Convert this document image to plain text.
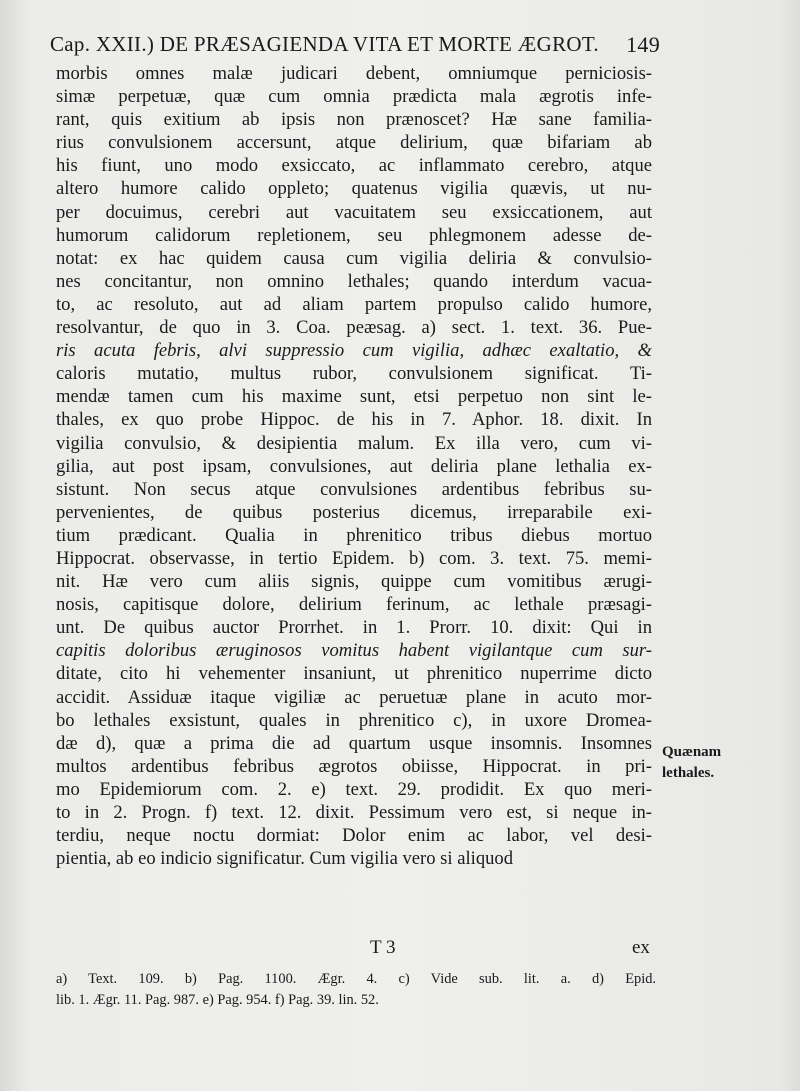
Cap. XXII.) DE PRÆSAGIENDA VITA ET MORTE ÆGROT. 149
morbis omnes malæ judicari debent, omniumque perniciosis-
simæ perpetuæ, quæ cum omnia prædicta mala ægrotis infe-
rant, quis exitium ab ipsis non prænoscet? Hæ sane familia-
rius convulsionem accersunt, atque delirium, quæ bifariam ab
his fiunt, uno modo exsiccato, ac inflammato cerebro, atque
altero humore calido oppleto; quatenus vigilia quævis, ut nu-
per docuimus, cerebri aut vacuitatem seu exsiccationem, aut
humorum calidorum repletionem, seu phlegmonem adesse de-
notat: ex hac quidem causa cum vigilia deliria & convulsio-
nes concitantur, non omnino lethales; quando interdum vacua-
to, ac resoluto, aut ad aliam partem propulso calido humore,
resolvantur, de quo in 3. Coa. peæsag. a) sect. 1. text. 36. Pue-
ris acuta febris, alvi suppressio cum vigilia, adhæc exaltatio, &
caloris mutatio, multus rubor, convulsionem significat. Ti-
mendæ tamen cum his maxime sunt, etsi perpetuo non sint le-
thales, ex quo probe Hippoc. de his in 7. Aphor. 18. dixit. In
vigilia convulsio, & desipientia malum. Ex illa vero, cum vi-
gilia, aut post ipsam, convulsiones, aut deliria plane lethalia ex-
sistunt. Non secus atque convulsiones ardentibus febribus su-
pervenientes, de quibus posterius dicemus, irreparabile exi-
tium prædicant. Qualia in phrenitico tribus diebus mortuo
Hippocrat. observasse, in tertio Epidem. b) com. 3. text. 75. memi-
nit. Hæ vero cum aliis signis, quippe cum vomitibus ærugi-
nosis, capitisque dolore, delirium ferinum, ac lethale præsagi-
unt. De quibus auctor Prorrhet. in 1. Prorr. 10. dixit: Qui in
capitis doloribus æruginosos vomitus habent vigilantque cum sur-
ditate, cito hi vehementer insaniunt, ut phrenitico nuperrime dicto
accidit. Assiduæ itaque vigiliæ ac peruetuæ plane in acuto mor-
bo lethales exsistunt, quales in phrenitico c), in uxore Dromea-
dæ d), quæ a prima die ad quartum usque insomnis. Insomnes
multos ardentibus febribus ægrotos obiisse, Hippocrat. in pri-
mo Epidemiorum com. 2. e) text. 29. prodidit. Ex quo meri-
to in 2. Progn. f) text. 12. dixit. Pessimum vero est, si neque in-
terdiu, neque noctu dormiat: Dolor enim ac labor, vel desi-
pientia, ab eo indicio significatur. Cum vigilia vero si aliquod
Quænam
lethales.
T 3	ex
a) Text. 109. b) Pag. 1100. Ægr. 4. c) Vide sub. lit. a. d) Epid.
lib. 1. Ægr. 11. Pag. 987. e) Pag. 954. f) Pag. 39. lin. 52.
